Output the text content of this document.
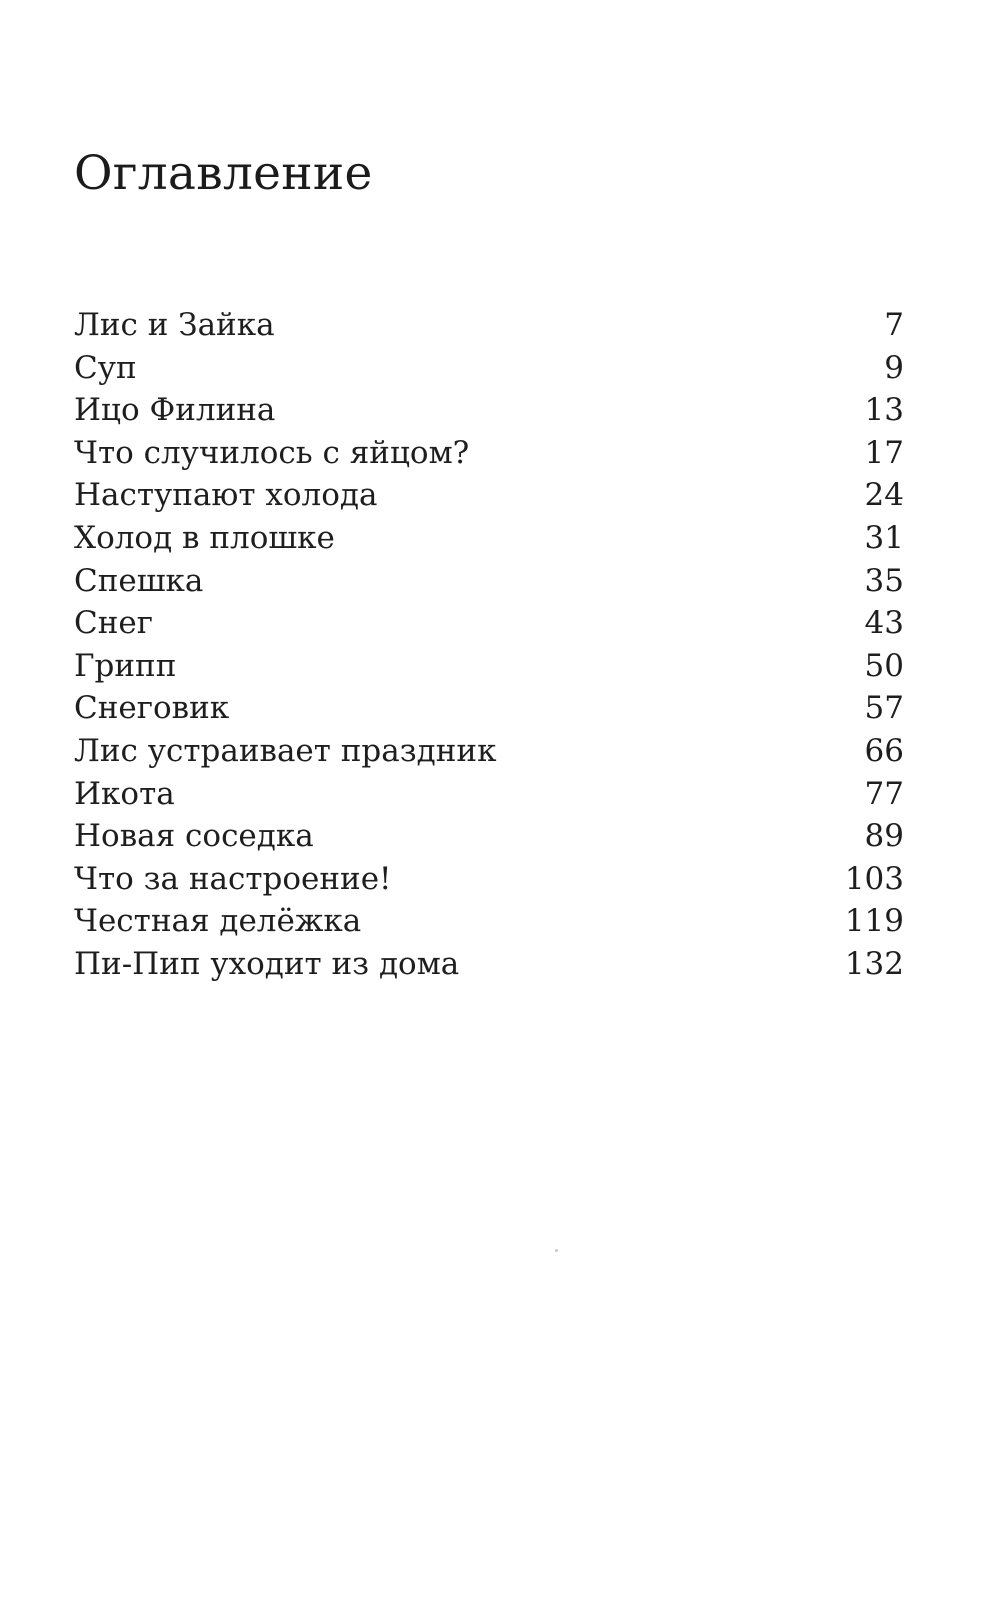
Оглавление
Лис и Зайка	7
Суп	9
Ицо Филина	13
Что случилось с яйцом?	17
Наступают холода	24
Холод в плошке	31
Спешка	35
Снег	43
Грипп	50
Снеговик	57
Лис устраивает праздник	66
Икота	77
Новая соседка	89
Что за настроение!	103
Честная делёжка	119
Пи-Пип уходит из дома	132
